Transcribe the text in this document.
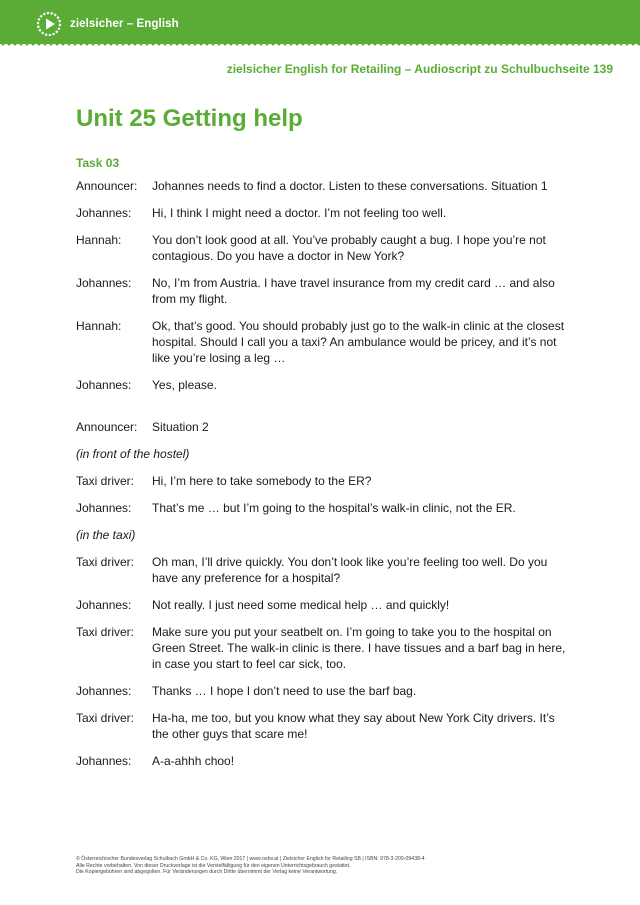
zielsicher – English
zielsicher English for Retailing – Audioscript zu Schulbuchseite 139
Unit 25 Getting help
Task 03
Announcer:	Johannes needs to find a doctor. Listen to these conversations. Situation 1
Johannes:	Hi, I think I might need a doctor. I’m not feeling too well.
Hannah:	You don’t look good at all. You’ve probably caught a bug. I hope you’re not contagious. Do you have a doctor in New York?
Johannes:	No, I’m from Austria. I have travel insurance from my credit card … and also from my flight.
Hannah:	Ok, that’s good. You should probably just go to the walk-in clinic at the closest hospital. Should I call you a taxi? An ambulance would be pricey, and it’s not like you’re losing a leg …
Johannes:	Yes, please.
Announcer:	Situation 2
(in front of the hostel)
Taxi driver:	Hi, I’m here to take somebody to the ER?
Johannes:	That’s me … but I’m going to the hospital’s walk-in clinic, not the ER.
(in the taxi)
Taxi driver:	Oh man, I’ll drive quickly. You don’t look like you’re feeling too well. Do you have any preference for a hospital?
Johannes:	Not really. I just need some medical help … and quickly!
Taxi driver:	Make sure you put your seatbelt on. I’m going to take you to the hospital on Green Street. The walk-in clinic is there. I have tissues and a barf bag in here, in case you start to feel car sick, too.
Johannes:	Thanks … I hope I don’t need to use the barf bag.
Taxi driver:	Ha-ha, me too, but you know what they say about New York City drivers. It’s the other guys that scare me!
Johannes:	A-a-ahhh choo!
© Österreichischer Bundesverlag Schulbuch GmbH & Co. KG, Wien 2017 | www.oebv.at | Zielsicher English for Retailing SB | ISBN: 978-3-209-09438-4
Alle Rechte vorbehalten. Von dieser Druckvorlage ist die Vervielfältigung für den eigenen Unterrichtsgebrauch gestattet.
Die Kopiergebühren sind abgegolten. Für Veränderungen durch Dritte übernimmt der Verlag keine Verantwortung.
